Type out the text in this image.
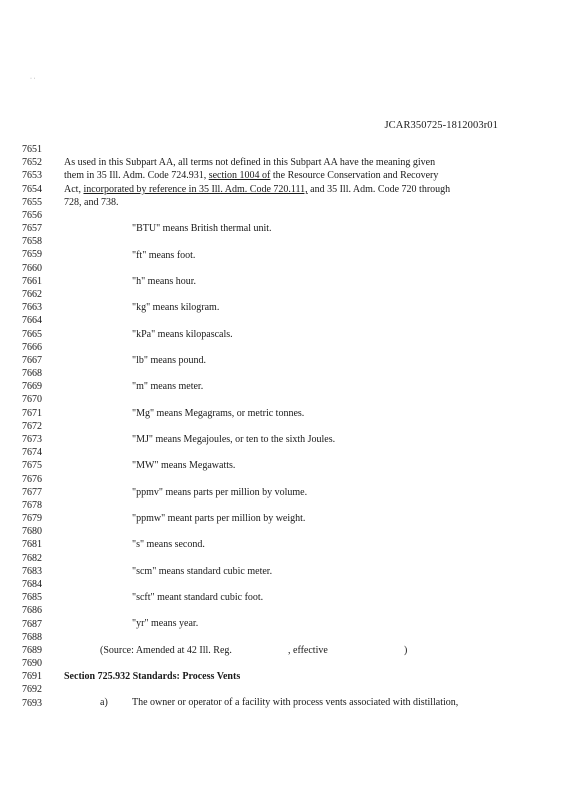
· ·
JCAR350725-1812003r01
7651
7652
7653
7654
7655
7656
7657
7658
7659
7660
7661
7662
7663
7664
7665
7666
7667
7668
7669
7670
7671
7672
7673
7674
7675
7676
7677
7678
7679
7680
7681
7682
7683
7684
7685
7686
7687
7688
7689
7690
7691
7692
7693
As used in this Subpart AA, all terms not defined in this Subpart AA have the meaning given
them in 35 Ill. Adm. Code 724.931, section 1004 of the Resource Conservation and Recovery
Act, incorporated by reference in 35 Ill. Adm. Code 720.111, and 35 Ill. Adm. Code 720 through
728, and 738.
"BTU" means British thermal unit.
"ft" means foot.
"h" means hour.
"kg" means kilogram.
"kPa" means kilopascals.
"lb" means pound.
"m" means meter.
"Mg" means Megagrams, or metric tonnes.
"MJ" means Megajoules, or ten to the sixth Joules.
"MW" means Megawatts.
"ppmv" means parts per million by volume.
"ppmw" meant parts per million by weight.
"s" means second.
"scm" means standard cubic meter.
"scft" meant standard cubic foot.
"yr" means year.
(Source: Amended at 42 Ill. Reg.	, effective	)
Section 725.932 Standards: Process Vents
a) The owner or operator of a facility with process vents associated with distillation,
